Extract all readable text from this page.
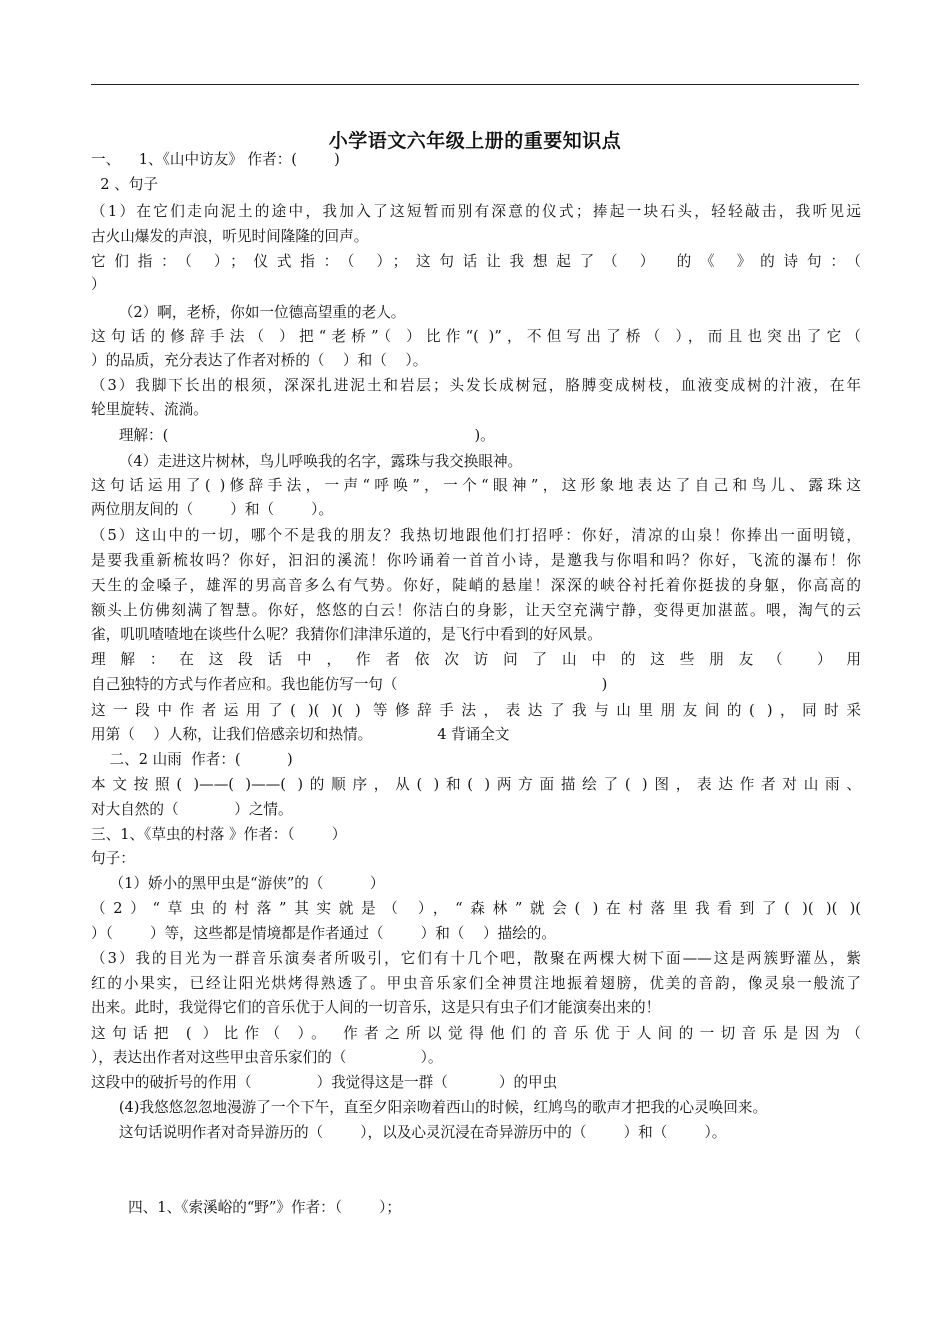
小学语文六年级上册的重要知识点
一、    1、《山中访友》 作者：(        )
2 、句子
（1）在它们走向泥土的途中，我加入了这短暂而别有深意的仪式；捧起一块石头，轻轻敲击，我听见远
古火山爆发的声浪，听见时间隆隆的回声。
它们指：（ ）；仪式指：（ ）；这句话让我想起了（ ） 的《 》的诗句：（
）
（2）啊，老桥，你如一位德高望重的老人。
这句话的修辞手法（ ）把“老桥”（ ）比作“( )”，不但写出了桥（ ），而且也突出了它（
）的品质，充分表达了作者对桥的（    ）和（    ）。
（3）我脚下长出的根须，深深扎进泥土和岩层；头发长成树冠，胳膊变成树枝，血液变成树的汁液，在年
轮里旋转、流淌。
理解：(                                                                  )。
（4）走进这片树林，鸟儿呼唤我的名字，露珠与我交换眼神。
这句话运用了( )修辞手法，一声“呼唤”，一个“眼神”，这形象地表达了自己和鸟儿、露珠这
两位朋友间的（        ）和（        ）。
（5）这山中的一切，哪个不是我的朋友？我热切地跟他们打招呼：你好，清凉的山泉！你捧出一面明镜，
是要我重新梳妆吗？你好，汩汩的溪流！你吟诵着一首首小诗，是邀我与你唱和吗？你好，飞流的瀑布！你
天生的金嗓子，雄浑的男高音多么有气势。你好，陡峭的悬崖！深深的峡谷衬托着你挺拔的身躯，你高高的
额头上仿佛刻满了智慧。你好，悠悠的白云！你洁白的身影，让天空充满宁静，变得更加湛蓝。喂，淘气的云
雀，叽叽喳喳地在谈些什么呢？我猜你们津津乐道的，是飞行中看到的好风景。
理解：在这段话中，作者依次访问了山中的这些朋友（ ）用
自己独特的方式与作者应和。我也能仿写一句（                                            )
这一段中作者运用了( )( )( ) 等修辞手法，表达了我与山里朋友间的( )，同时采
用第（    ）人称，让我们倍感亲切和热情。              4 背诵全文
二、2 山雨  作者：(          )
本文按照( )——( )——( )的顺序，从( )和( )两方面描绘了( )图，表达作者对山雨、
对大自然的（            ）之情。
三、1、《草虫的村落 》作者：（        ）
句子：
（1）娇小的黑甲虫是“游侠”的（          ）
（2）“草虫的村落”其实就是（ ），“森林”就会( )在村落里我看到了( )( )( )(
）（        ）等，这些都是情境都是作者通过（        ）和（    ）描绘的。
（3）我的目光为一群音乐演奏者所吸引，它们有十几个吧，散聚在两棵大树下面——这是两簇野灌丛，紫
红的小果实，已经让阳光烘烤得熟透了。甲虫音乐家们全神贯注地振着翅膀，优美的音韵，像灵泉一般流了
出来。此时，我觉得它们的音乐优于人间的一切音乐，这是只有虫子们才能演奏出来的！
这句话把 ( ）比作（ ）。 作者之所以觉得他们的音乐优于人间的一切音乐是因为（
），表达出作者对这些甲虫音乐家们的（                ）。
这段中的破折号的作用（              ）我觉得这是一群（           ）的甲虫
(4)我悠悠忽忽地漫游了一个下午，直至夕阳亲吻着西山的时候，红鸠鸟的歌声才把我的心灵唤回来。
这句话说明作者对奇异游历的（        ），以及心灵沉浸在奇异游历中的（        ）和（        ）。
四、1、《索溪峪的“野”》作者：（        ）；
